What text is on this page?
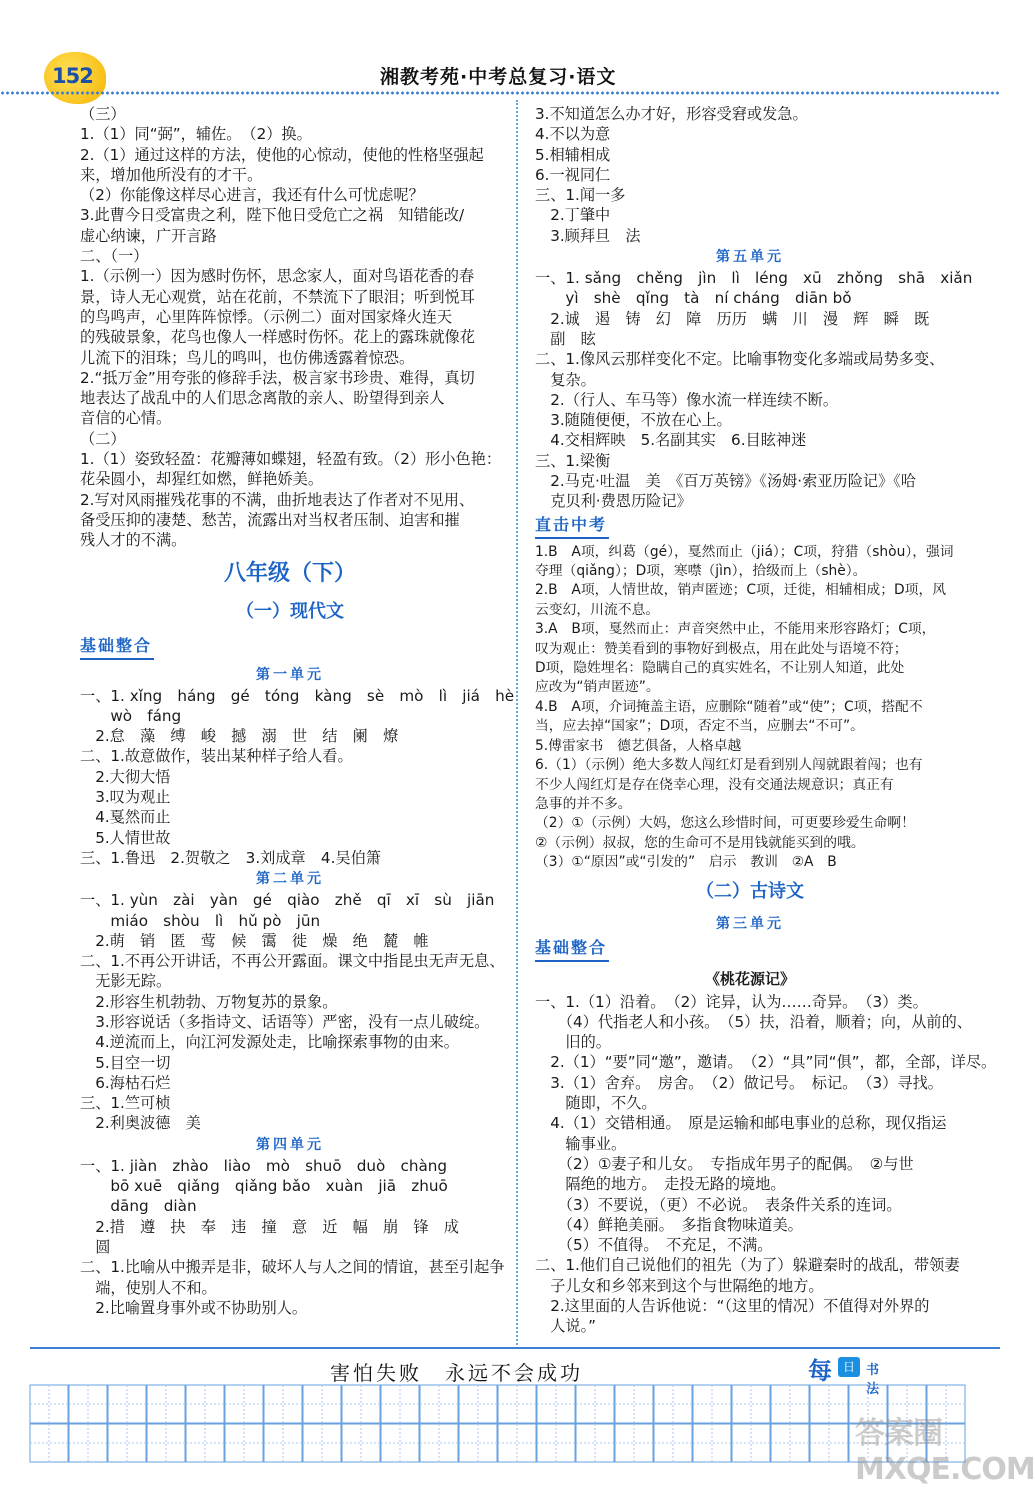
152	湘教考苑·中考总复习·语文
（三）
1.（1）同“弼”，辅佐。　（2）换。
2.（1）通过这样的方法，使他的心惊动，使他的性格坚强起
来，增加他所没有的才干。
（2）你能像这样尽心进言，我还有什么可忧虑呢？
3.此曹今日受富贵之利，陛下他日受危亡之祸　知错能改/
虚心纳谏，广开言路
二、（一）
1.（示例一）因为感时伤怀，思念家人，面对鸟语花香的春
景，诗人无心观赏，站在花前，不禁流下了眼泪；听到悦耳
的鸟鸣声，心里阵阵惊悸。（示例二）面对国家烽火连天
的残破景象，花鸟也像人一样感时伤怀。花上的露珠就像花
儿流下的泪珠；鸟儿的鸣叫，也仿佛透露着惊恐。
2.“抵万金”用夸张的修辞手法，极言家书珍贵、难得，真切
地表达了战乱中的人们思念离散的亲人、盼望得到亲人
音信的心情。
（二）
1.（1）姿致轻盈：花瓣薄如蝶翅，轻盈有致。（2）形小色艳：
花朵圆小，却猩红如燃，鲜艳娇美。
2.写对风雨摧残花事的不满，曲折地表达了作者对不见用、
备受压抑的凄楚、愁苦，流露出对当权者压制、迫害和摧
残人才的不满。
八年级（下）
（一）现代文
基础整合
第一单元
一、1. xǐng　háng　gé　tóng　kàng　sè　mò　lì　jiá　hè
　　wò　fáng
　2.怠　藻　缚　峻　撼　溺　世　结　阑　燎
二、1.故意做作，装出某种样子给人看。
　2.大彻大悟
　3.叹为观止
　4.戛然而止
　5.人情世故
三、1.鲁迅　2.贺敬之　3.刘成章　4.吴伯箫
第二单元
一、1. yùn　zài　yàn　gé　qiào　zhě　qī　xī　sù　jiān
　　miáo　shòu　lì　hǔ pò　jūn
　2.萌　销　匿　莺　候　霭　徙　燥　绝　麓　帷
二、1.不再公开讲话，不再公开露面。课文中指昆虫无声无息、
　无影无踪。
　2.形容生机勃勃、万物复苏的景象。
　3.形容说话（多指诗文、话语等）严密，没有一点儿破绽。
　4.逆流而上，向江河发源处走，比喻探索事物的由来。
　5.目空一切
　6.海枯石烂
三、1.竺可桢
　2.利奥波德　美
第四单元
一、1. jiàn　zhào　liào　mò　shuō　duò　chàng
　　bō xuē　qiǎng　qiǎng bǎo　xuàn　jiā　zhuō
　　dāng　diàn
　2.措　遵　抉　奉　违　撞　意　近　幅　崩　锋　成
　圆
二、1.比喻从中搬弄是非，破坏人与人之间的情谊，甚至引起争
　端，使别人不和。
　2.比喻置身事外或不协助别人。
3.不知道怎么办才好，形容受窘或发急。
4.不以为意
5.相辅相成
6.一视同仁
三、1.闻一多
　2.丁肇中
　3.顾拜旦　法
第五单元
一、1. sǎng　chěng　jìn　lì　léng　xū　zhǒng　shā　xiǎn
　　yì　shè　qǐng　tà　ní cháng　diān bǒ
　2.诚　遏　铸　幻　障　历历　螨　川　漫　辉　瞬　既
　副　眩
二、1.像风云那样变化不定。比喻事物变化多端或局势多变、
　复杂。
　2.（行人、车马等）像水流一样连续不断。
　3.随随便便，不放在心上。
　4.交相辉映　5.名副其实　6.目眩神迷
三、1.梁衡
　2.马克·吐温　美　《百万英镑》《汤姆·索亚历险记》《哈
　克贝利·费恩历险记》
直击中考
1.B　A项，纠葛（gé），戛然而止（jiá）；C项，狩猎（shòu），强词
夺理（qiǎng）；D项，寒噤（jìn），拾级而上（shè）。
2.B　A项，人情世故，销声匿迹；C项，迁徙，相辅相成；D项，风
云变幻，川流不息。
3.A　B项，戛然而止：声音突然中止，不能用来形容路灯；C项，
叹为观止：赞美看到的事物好到极点，用在此处与语境不符；
D项，隐姓埋名：隐瞒自己的真实姓名，不让别人知道，此处
应改为“销声匿迹”。
4.B　A项，介词掩盖主语，应删除“随着”或“使”；C项，搭配不
当，应去掉“国家”；D项，否定不当，应删去“不可”。
5.傅雷家书　德艺俱备，人格卓越
6.（1）（示例）绝大多数人闯红灯是看到别人闯就跟着闯；也有
不少人闯红灯是存在侥幸心理，没有交通法规意识；真正有
急事的并不多。
（2）①（示例）大妈，您这么珍惜时间，可更要珍爱生命啊！
②（示例）叔叔，您的生命可不是用钱就能买到的哦。
（3）①“原因”或“引发的”　启示　教训　②A　B
（二）古诗文
第三单元
基础整合
《桃花源记》
一、1.（1）沿着。　（2）诧异，认为……奇异。　（3）类。
　　（4）代指老人和小孩。　（5）扶，沿着，顺着；向，从前的、
　　旧的。
　2.（1）“要”同“邀”，邀请。　（2）“具”同“俱”，都，全部，详尽。
　3.（1）舍弃。　房舍。　（2）做记号。　标记。　（3）寻找。
　　随即，不久。
　4.（1）交错相通。　原是运输和邮电事业的总称，现仅指运
　　输事业。
　　（2）①妻子和儿女。　专指成年男子的配偶。　②与世
　　隔绝的地方。　走投无路的境地。
　　（3）不要说，（更）不必说。　表条件关系的连词。
　　（4）鲜艳美丽。　多指食物味道美。
　　（5）不值得。　不充足，不满。
二、1.他们自己说他们的祖先（为了）躲避秦时的战乱，带领妻
　子儿女和乡邻来到这个与世隔绝的地方。
　2.这里面的人告诉他说：“（这里的情况）不值得对外界的
　人说。”
害怕失败　永远不会成功	每 日 书法
答案圈 MXQE.COM
